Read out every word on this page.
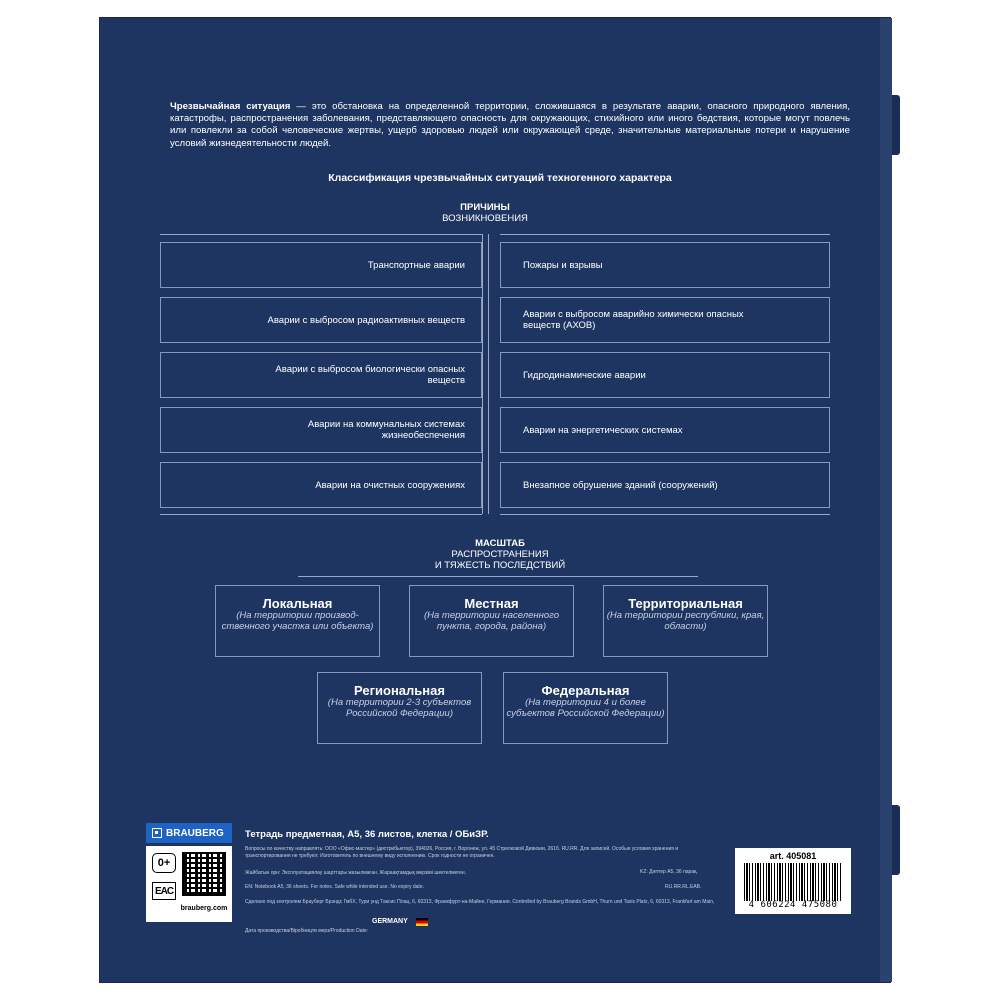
Чрезвычайная ситуация — это обстановка на определенной территории, сложившаяся в результате аварии, опасного природного явления, катастрофы, распространения заболевания, представляющего опасность для окружающих, стихийного или иного бедствия, которые могут повлечь или повлекли за собой человеческие жертвы, ущерб здоровью людей или окружающей среде, значительные материальные потери и нарушение условий жизнедеятельности людей.
Классификация чрезвычайных ситуаций техногенного характера
ПРИЧИНЫ
ВОЗНИКНОВЕНИЯ
Транспортные аварии
Аварии с выбросом радиоактивных веществ
Аварии с выбросом биологически опасных веществ
Аварии на коммунальных системах жизнеобеспечения
Аварии на очистных сооружениях
Пожары и взрывы
Аварии с выбросом аварийно химически опасных веществ (АХОВ)
Гидродинамические аварии
Аварии на энергетических системах
Внезапное обрушение зданий (сооружений)
МАСШТАБ
РАСПРОСТРАНЕНИЯ
И ТЯЖЕСТЬ ПОСЛЕДСТВИЙ
Локальная
(На территории производ-ственного участка или объекта)
Местная
(На территории населенного пункта, города, района)
Территориальная
(На территории республики, края, области)
Региональная
(На территории 2-3 субъектов Российской Федерации)
Федеральная
(На территории 4 и более субъектов Российской Федерации)
BRAUBERG
0+
EAC
brauberg.com
Тетрадь предметная, А5, 36 листов, клетка / ОБиЗР.
Вопросы по качеству направлять: ООО «Офис-мастер» (дистрибьютор), 394026, Россия, г. Воронеж, ул. 45 Стрелковой Дивизии, 261б. RU.RR. Для записей. Особые условия хранения и транспортирования не требуют. Изготовитель по внешнему виду исполнению. Срок годности не ограничен.
KZ: Дәптер А5, 36 парақ.
Жайбатын орн: Эксплуатациялау шарттары жазылмаған. Жараақтамдық мерзімі шектелмеген.
EN: Notebook A5, 36 sheets. For notes. Safe while intended use. No expiry date.	RU.RR.RL.EAB.
Сделано под контролем Брауберг Брэндс ГмбХ, Тури унд Таксис Плац, 6, 60313, Франкфурт-на-Майне, Германия. Controlled by Brauberg Brands GmbH, Thurn und Taxis Platz, 6, 60313, Frankfurt am Main,
GERMANY
Дата производства/Вiрoбництв мерз/Production Date:
art. 405081
4 606224 475080
